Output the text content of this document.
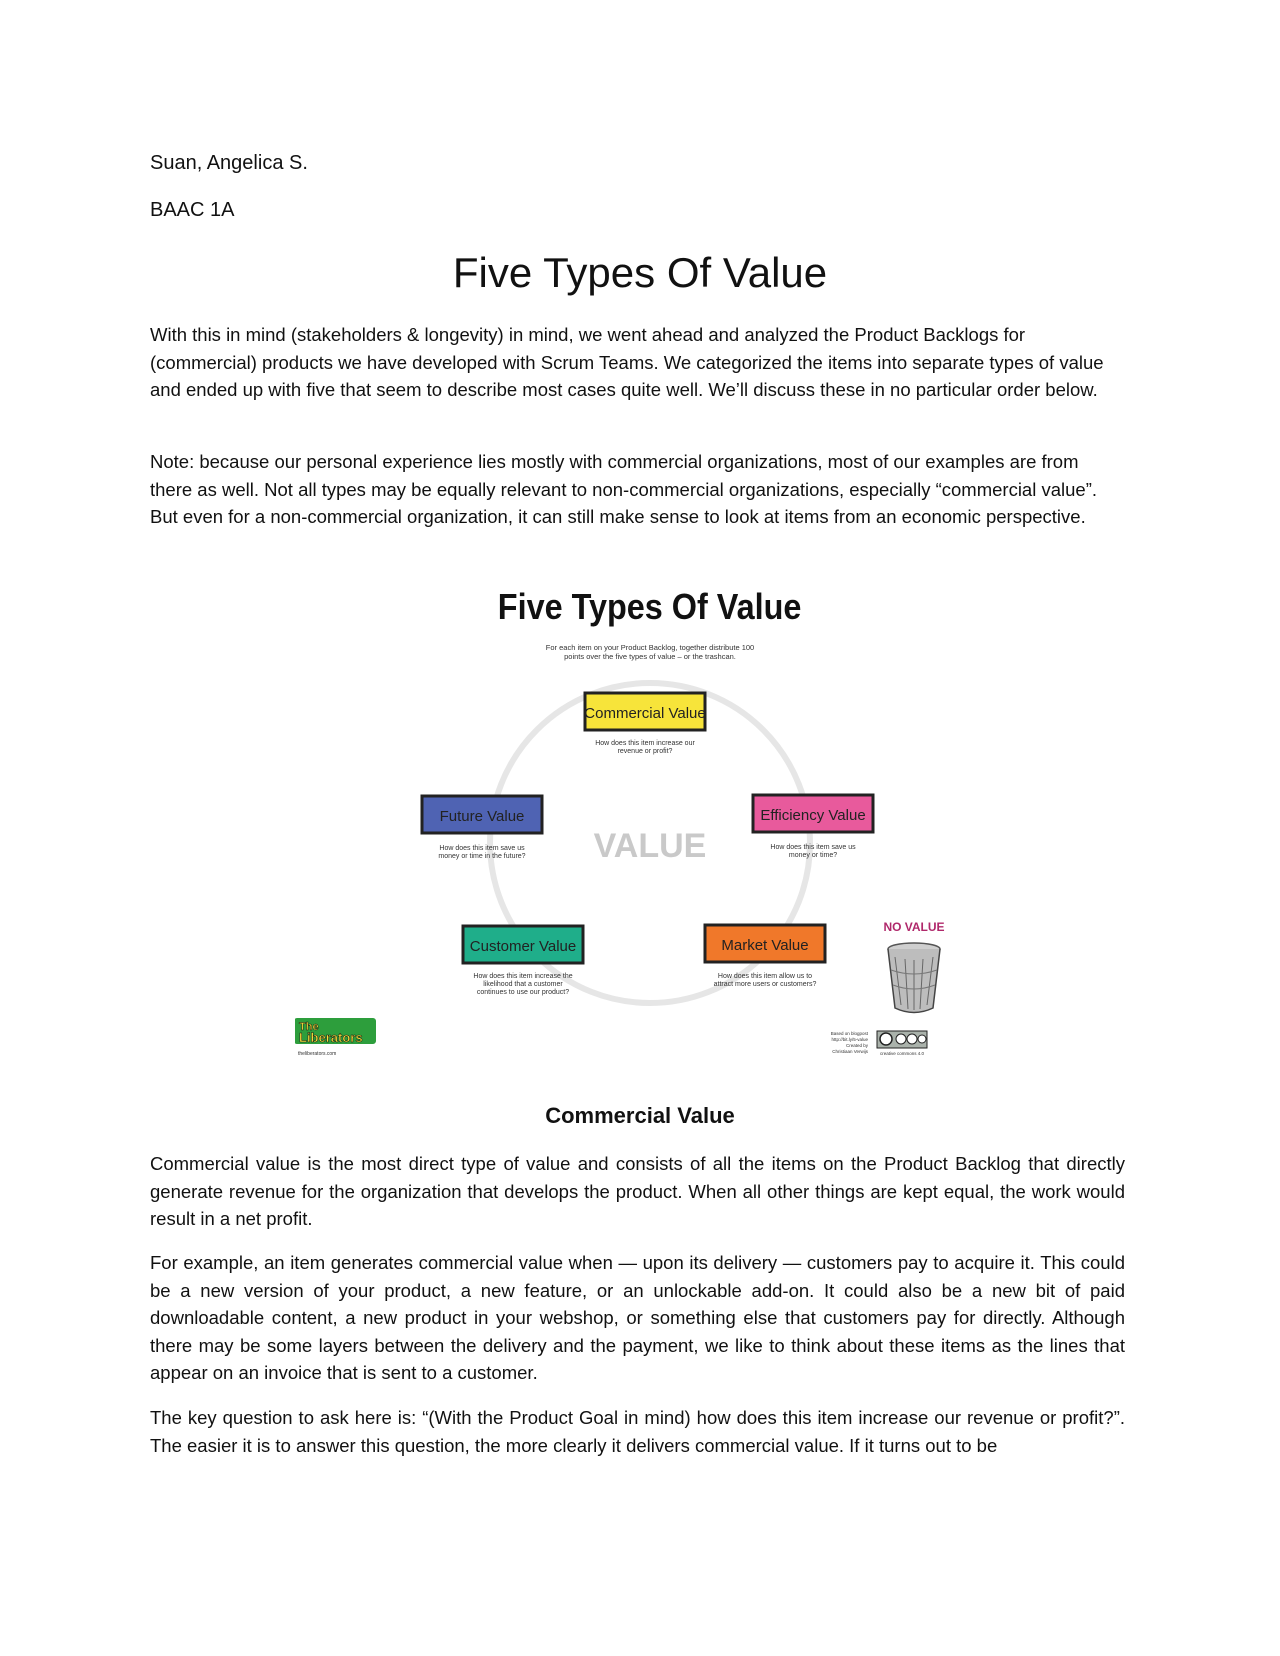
Suan, Angelica S.
BAAC 1A
Five Types Of Value
With this in mind (stakeholders & longevity) in mind, we went ahead and analyzed the Product Backlogs for (commercial) products we have developed with Scrum Teams. We categorized the items into separate types of value and ended up with five that seem to describe most cases quite well. We’ll discuss these in no particular order below.
Note: because our personal experience lies mostly with commercial organizations, most of our examples are from there as well. Not all types may be equally relevant to non-commercial organizations, especially “commercial value”. But even for a non-commercial organization, it can still make sense to look at items from an economic perspective.
Five Types Of Value
For each item on your Product Backlog, together distribute 100
points over the five types of value – or the trashcan.
VALUE
Commercial Value
How does this item increase our
revenue or profit?
Efficiency Value
How does this item save us
money or time?
Future Value
How does this item save us
money or time in the future?
Customer Value
How does this item increase the
likelihood that a customer
continues to use our product?
Market Value
How does this item allow us to
attract more users or customers?
NO VALUE
The
Liberators
theliberators.com
Based on blogpost
http://bit.ly/5-value
Created by
Christiaan Verwijs	creative commons 4.0
Commercial Value
Commercial value is the most direct type of value and consists of all the items on the Product Backlog that directly generate revenue for the organization that develops the product. When all other things are kept equal, the work would result in a net profit.
For example, an item generates commercial value when — upon its delivery — customers pay to acquire it. This could be a new version of your product, a new feature, or an unlockable add-on. It could also be a new bit of paid downloadable content, a new product in your webshop, or something else that customers pay for directly. Although there may be some layers between the delivery and the payment, we like to think about these items as the lines that appear on an invoice that is sent to a customer.
The key question to ask here is: “(With the Product Goal in mind) how does this item increase our revenue or profit?”. The easier it is to answer this question, the more clearly it delivers commercial value. If it turns out to be
